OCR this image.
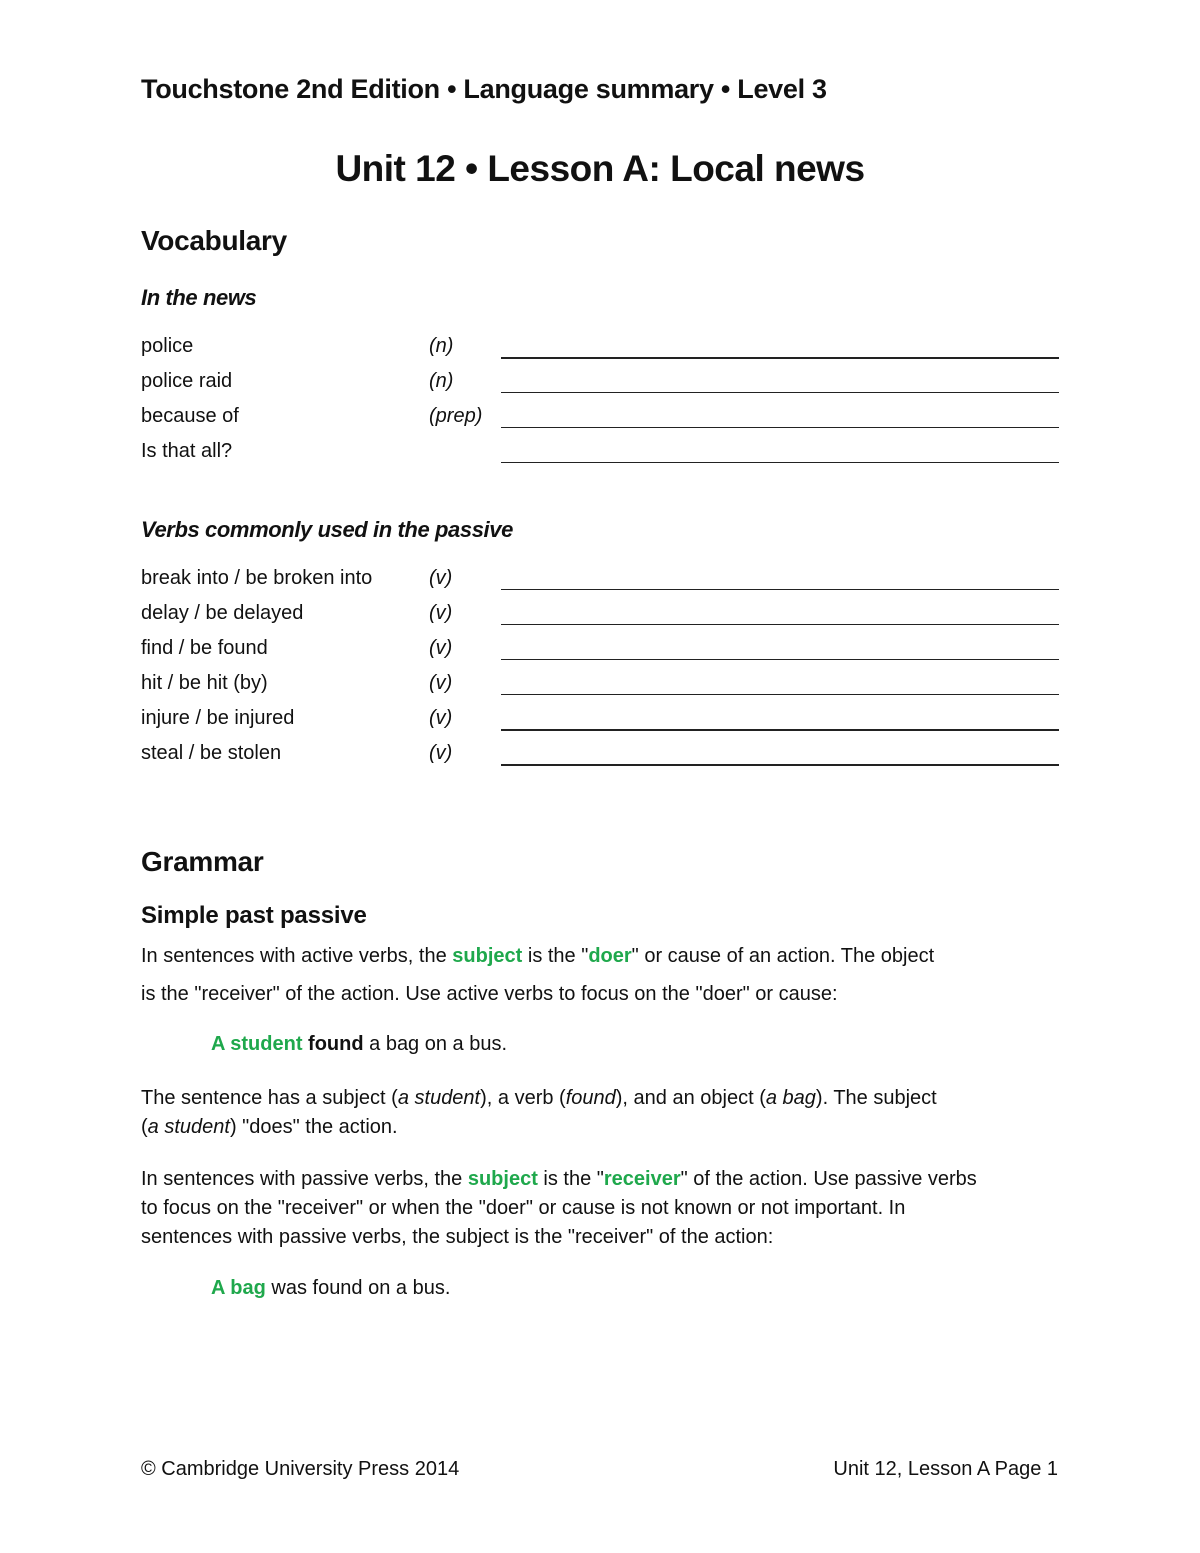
Touchstone 2nd Edition • Language summary • Level 3
Unit 12 • Lesson A: Local news
Vocabulary
In the news
police	(n)
police raid	(n)
because of	(prep)
Is that all?
Verbs commonly used in the passive
break into / be broken into	(v)
delay / be delayed	(v)
find / be found	(v)
hit / be hit (by)	(v)
injure / be injured	(v)
steal / be stolen	(v)
Grammar
Simple past passive
In sentences with active verbs, the subject is the "doer" or cause of an action. The object
is the "receiver" of the action. Use active verbs to focus on the "doer" or cause:
A student found a bag on a bus.
The sentence has a subject (a student), a verb (found), and an object (a bag). The subject
(a student) "does" the action.
In sentences with passive verbs, the subject is the "receiver" of the action. Use passive verbs
to focus on the "receiver" or when the "doer" or cause is not known or not important. In
sentences with passive verbs, the subject is the "receiver" of the action:
A bag was found on a bus.
© Cambridge University Press 2014	Unit 12, Lesson A Page 1
